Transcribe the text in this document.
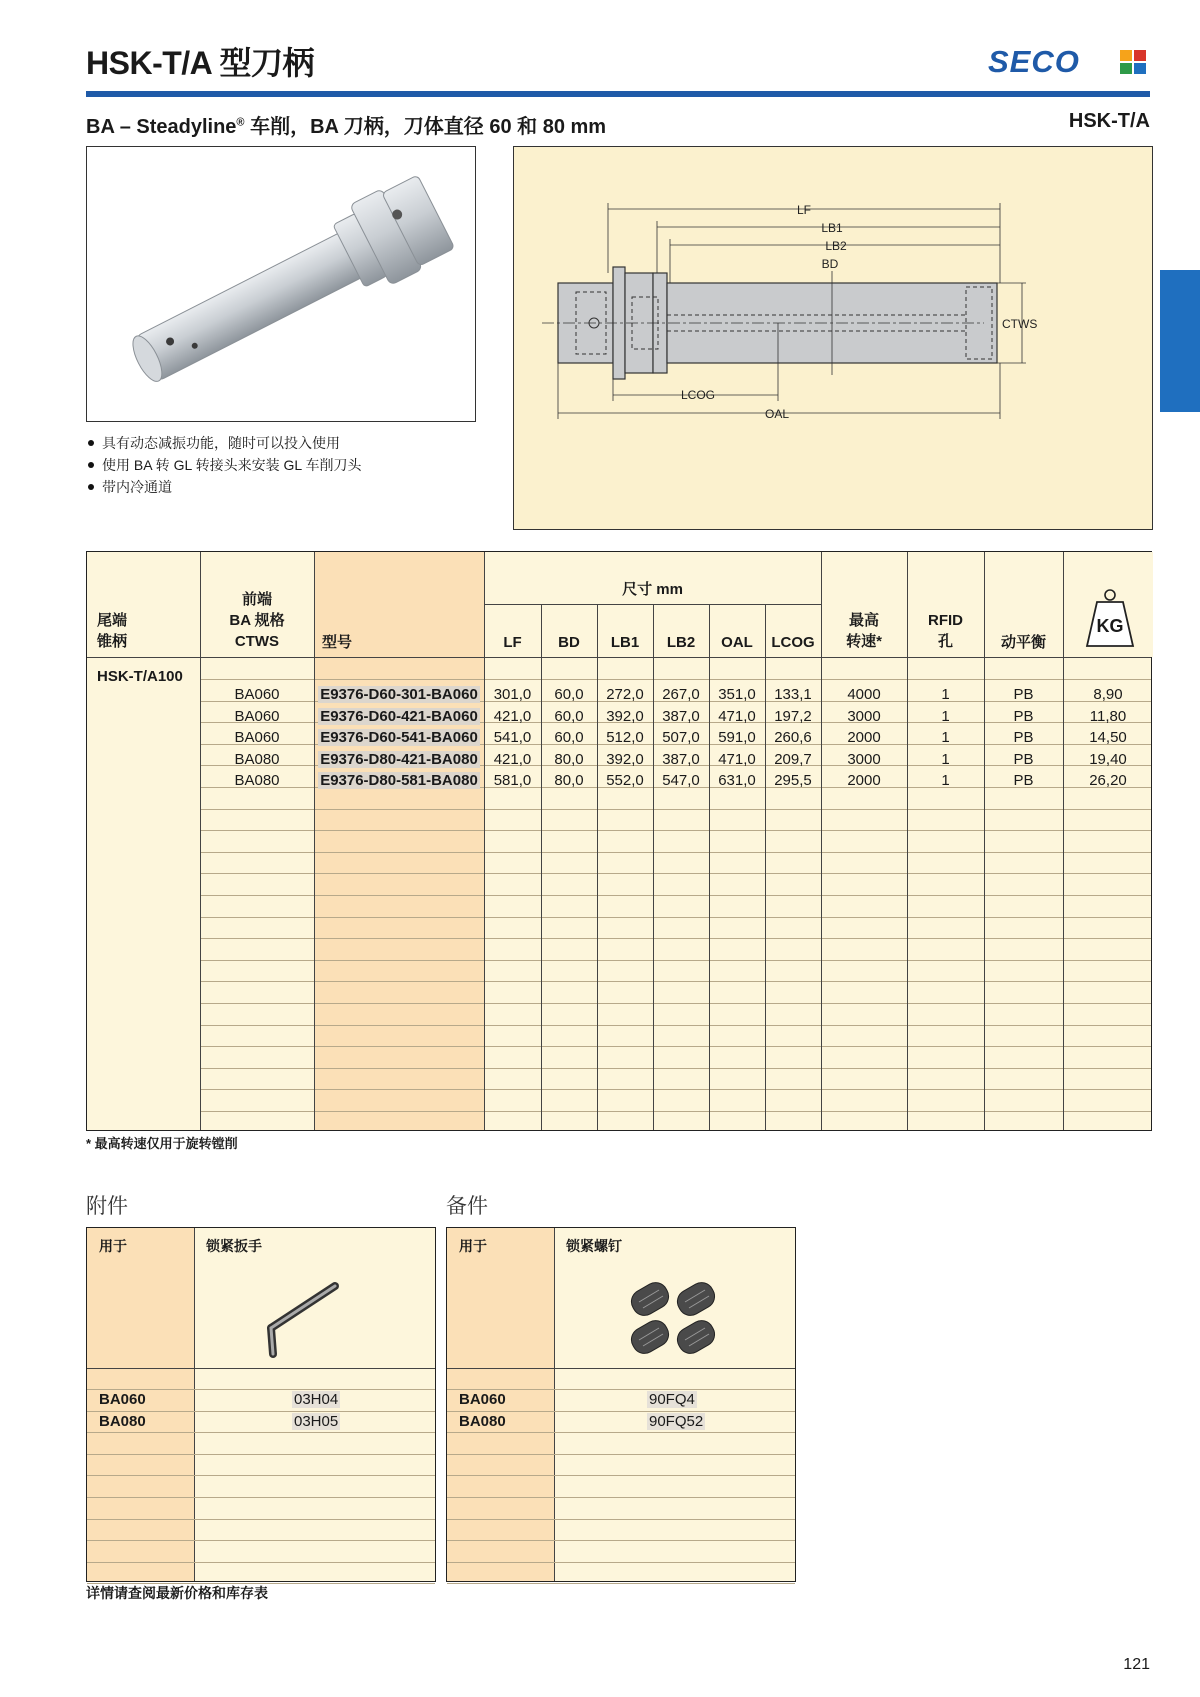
HSK-T/A 型刀柄	SECO
BA – Steadyline® 车削，BA 刀柄，刀体直径 60 和 80 mm	HSK-T/A
具有动态减振功能，随时可以投入使用
使用 BA 转 GL 转接头来安装 GL 车削刀头
带内冷通道
LF
LB1
LB2
BD
CTWS
LCOG
OAL
尾端
锥柄
前端
BA 规格
CTWS	型号
尺寸 mm
LF	BD	LB1	LB2	OAL	LCOG
最高
转速*
RFID
孔	动平衡
KG
HSK-T/A100
BA060	E9376-D60-301-BA060	301,0	60,0	272,0	267,0	351,0	133,1	4000	1	PB	8,90
BA060	E9376-D60-421-BA060	421,0	60,0	392,0	387,0	471,0	197,2	3000	1	PB	11,80
BA060	E9376-D60-541-BA060	541,0	60,0	512,0	507,0	591,0	260,6	2000	1	PB	14,50
BA080	E9376-D80-421-BA080	421,0	80,0	392,0	387,0	471,0	209,7	3000	1	PB	19,40
BA080	E9376-D80-581-BA080	581,0	80,0	552,0	547,0	631,0	295,5	2000	1	PB	26,20
* 最高转速仅用于旋转镗削
附件
用于	锁紧扳手
BA060	03H04
BA080	03H05
备件
用于	锁紧螺钉
BA060	90FQ4
BA080	90FQ52
详情请查阅最新价格和库存表
121
